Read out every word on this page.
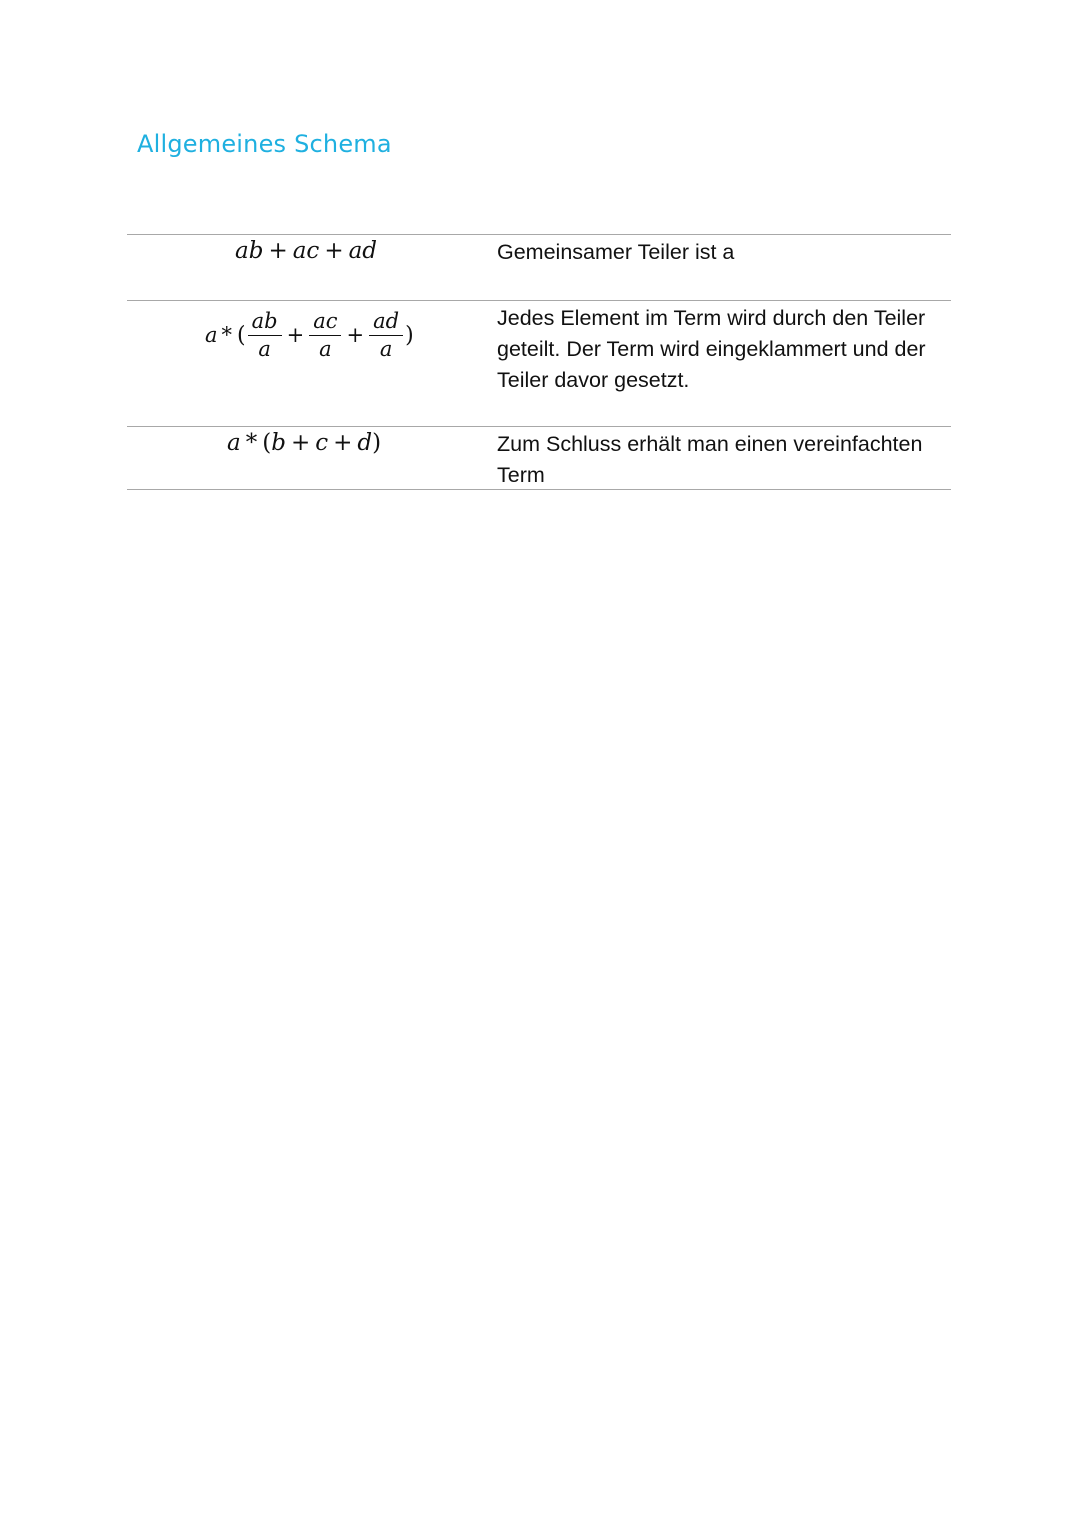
Allgemeines Schema
ab + ac + ad	Gemeinsamer Teiler ist a
a * ( $\frac{ab}{a} + \frac{ac}{a} + \frac{ad}{a}$ )
Jedes Element im Term wird durch den Teiler geteilt. Der Term wird eingeklammert und der Teiler davor gesetzt.
a * (b + c + d)	Zum Schluss erhält man einen vereinfachten Term
